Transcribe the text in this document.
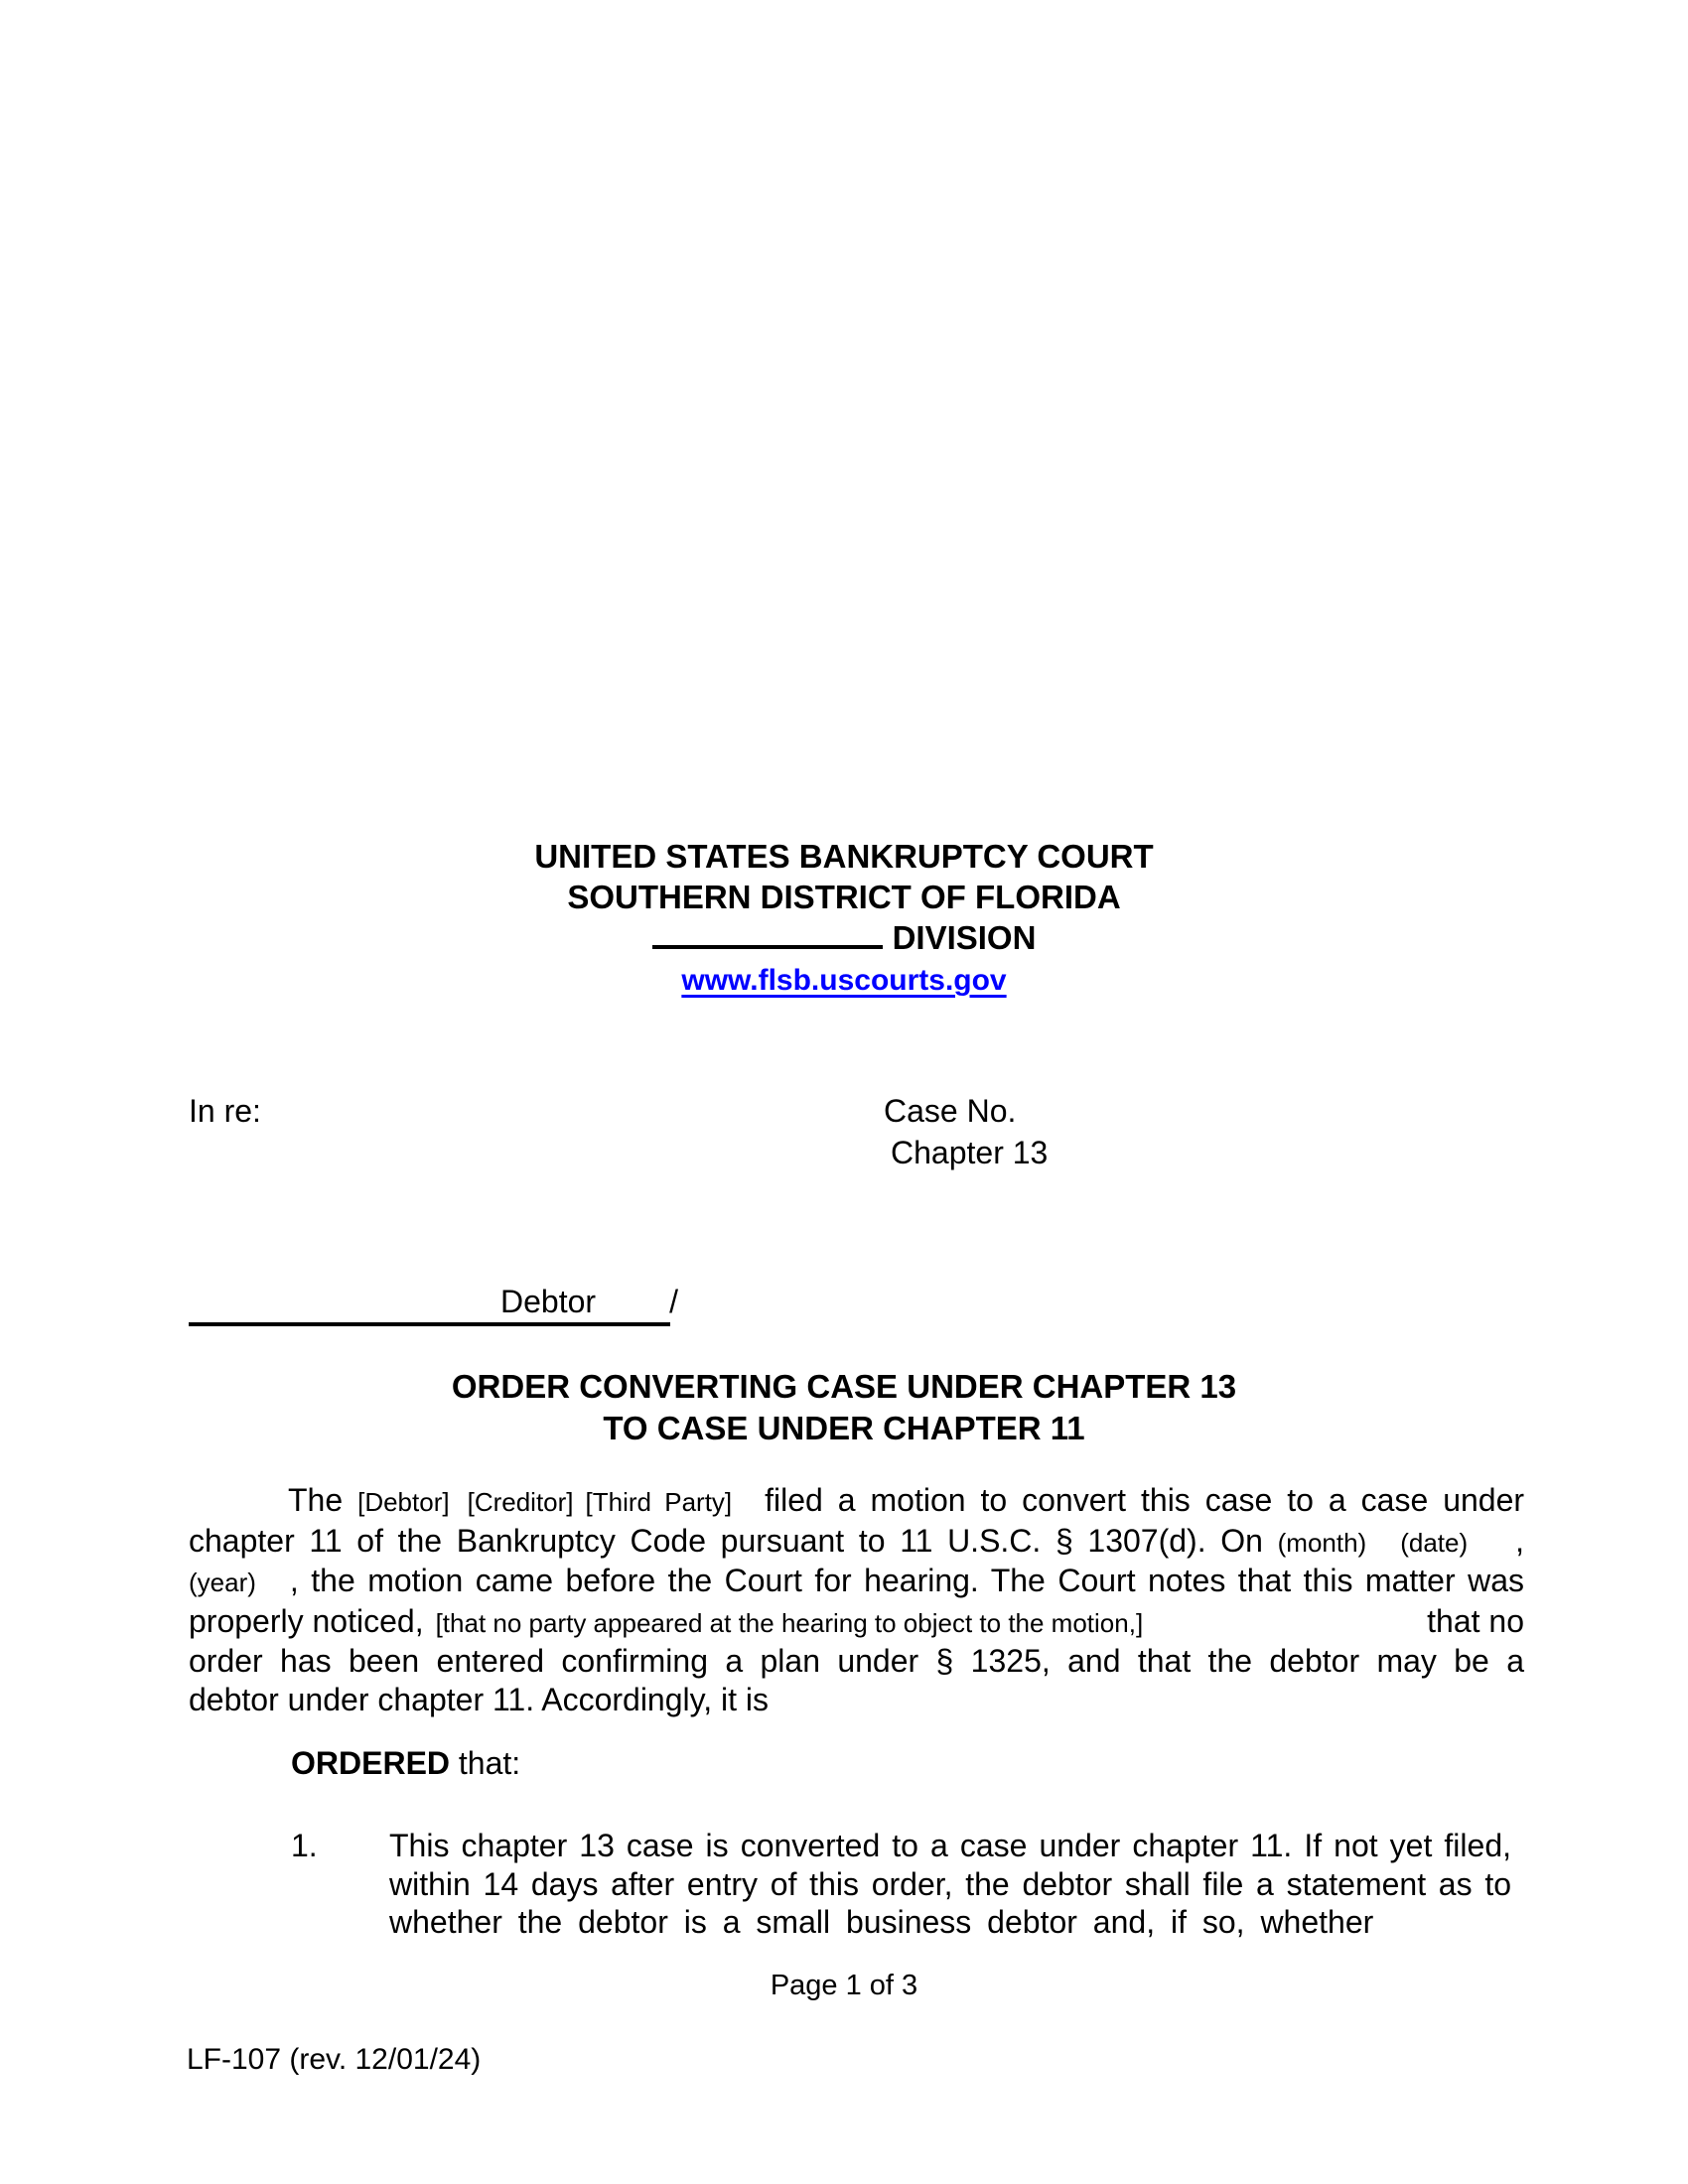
UNITED STATES BANKRUPTCY COURT
SOUTHERN DISTRICT OF FLORIDA
DIVISION
www.flsb.uscourts.gov
In re:	Case No.
Chapter 13
Debtor /
ORDER CONVERTING CASE UNDER CHAPTER 13
TO CASE UNDER CHAPTER 11
The [Debtor] [Creditor] [Third Party] filed a motion to convert this case to a case under
chapter 11 of the Bankruptcy Code pursuant to 11 U.S.C. § 1307(d). On (month) (date) ,
(year) , the motion came before the Court for hearing. The Court notes that this matter was
properly noticed, [that no party appeared at the hearing to object to the motion,]	that no
order has been entered confirming a plan under § 1325, and that the debtor may be a
debtor under chapter 11. Accordingly, it is
ORDERED that:
1. This chapter 13 case is converted to a case under chapter 11. If not yet filed,
within 14 days after entry of this order, the debtor shall file a statement as to
whether the debtor is a small business debtor and, if so, whether
Page 1 of 3
LF-107 (rev. 12/01/24)
